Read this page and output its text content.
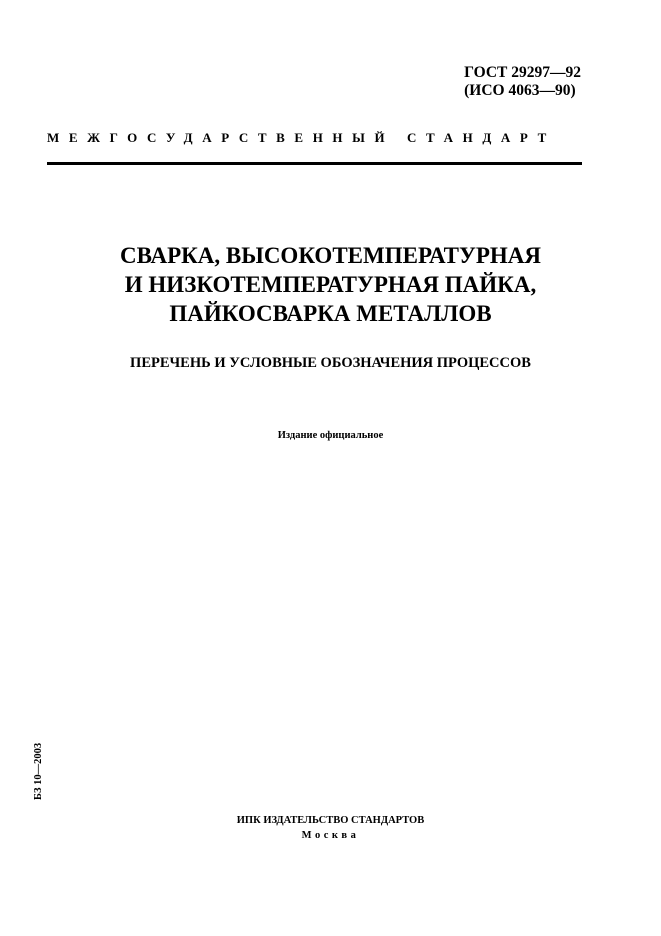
ГОСТ 29297—92
(ИСО 4063—90)
МЕЖГОСУДАРСТВЕННЫЙ СТАНДАРТ
СВАРКА, ВЫСОКОТЕМПЕРАТУРНАЯ
И НИЗКОТЕМПЕРАТУРНАЯ ПАЙКА,
ПАЙКОСВАРКА МЕТАЛЛОВ
ПЕРЕЧЕНЬ И УСЛОВНЫЕ ОБОЗНАЧЕНИЯ ПРОЦЕССОВ
Издание официальное
БЗ 10—2003
ИПК ИЗДАТЕЛЬСТВО СТАНДАРТОВ
Москва
